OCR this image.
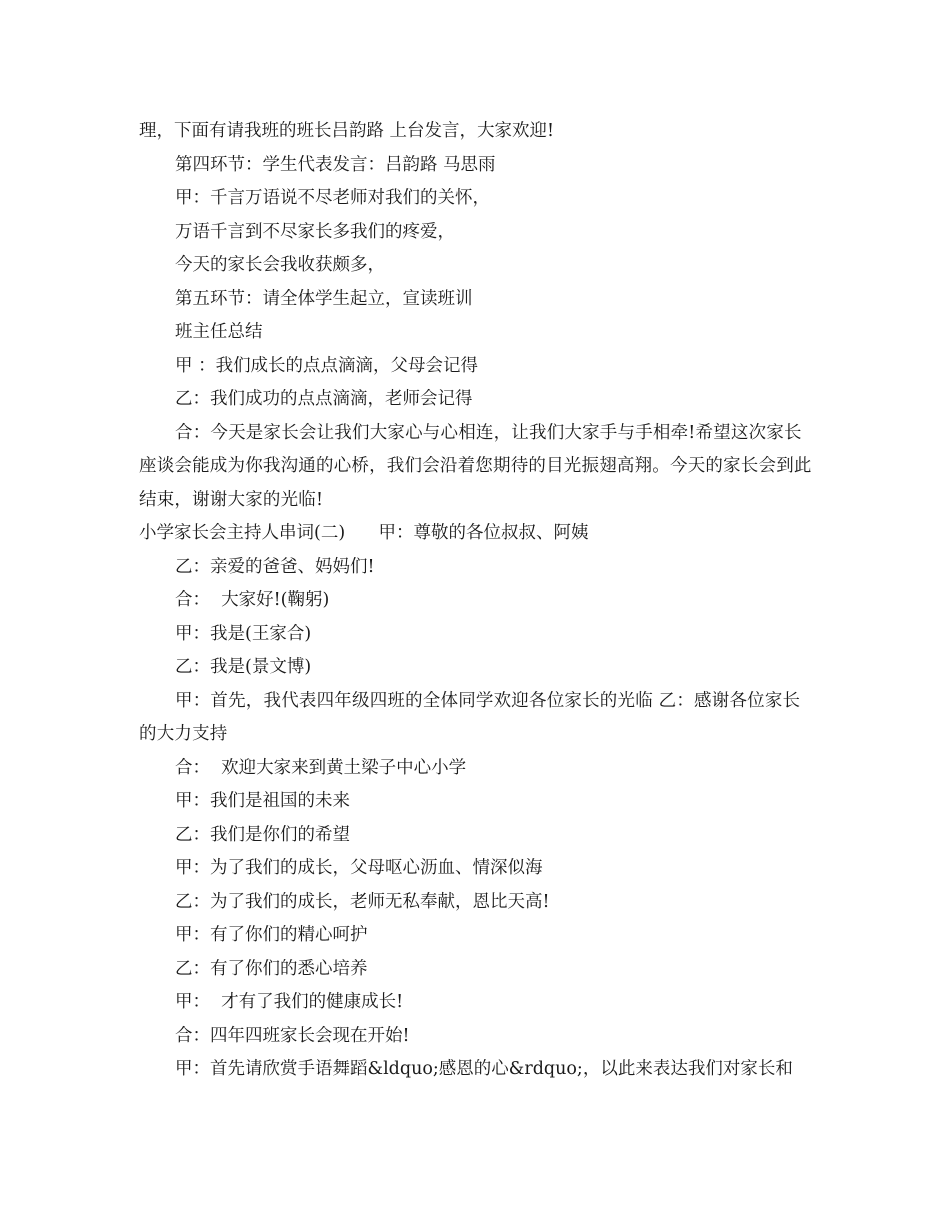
理，下面有请我班的班长吕韵路 上台发言，大家欢迎!
第四环节：学生代表发言：吕韵路 马思雨
甲：千言万语说不尽老师对我们的关怀，
万语千言到不尽家长多我们的疼爱，
今天的家长会我收获颇多，
第五环节：请全体学生起立，宣读班训
班主任总结
甲 ：我们成长的点点滴滴，父母会记得
乙：我们成功的点点滴滴，老师会记得
合：今天是家长会让我们大家心与心相连，让我们大家手与手相牵!希望这次家长座谈会能成为你我沟通的心桥，我们会沿着您期待的目光振翅高翔。今天的家长会到此结束，谢谢大家的光临!
小学家长会主持人串词(二)      甲：尊敬的各位叔叔、阿姨
乙：亲爱的爸爸、妈妈们!
合：  大家好!(鞠躬)
甲：我是(王家合)
乙：我是(景文博)
甲：首先，我代表四年级四班的全体同学欢迎各位家长的光临 乙：感谢各位家长的大力支持
合：  欢迎大家来到黄土梁子中心小学
甲：我们是祖国的未来
乙：我们是你们的希望
甲：为了我们的成长，父母呕心沥血、情深似海
乙：为了我们的成长，老师无私奉献，恩比天高!
甲：有了你们的精心呵护
乙：有了你们的悉心培养
甲：  才有了我们的健康成长!
合：四年四班家长会现在开始!
甲：首先请欣赏手语舞蹈&ldquo;感恩的心&rdquo;，以此来表达我们对家长和
